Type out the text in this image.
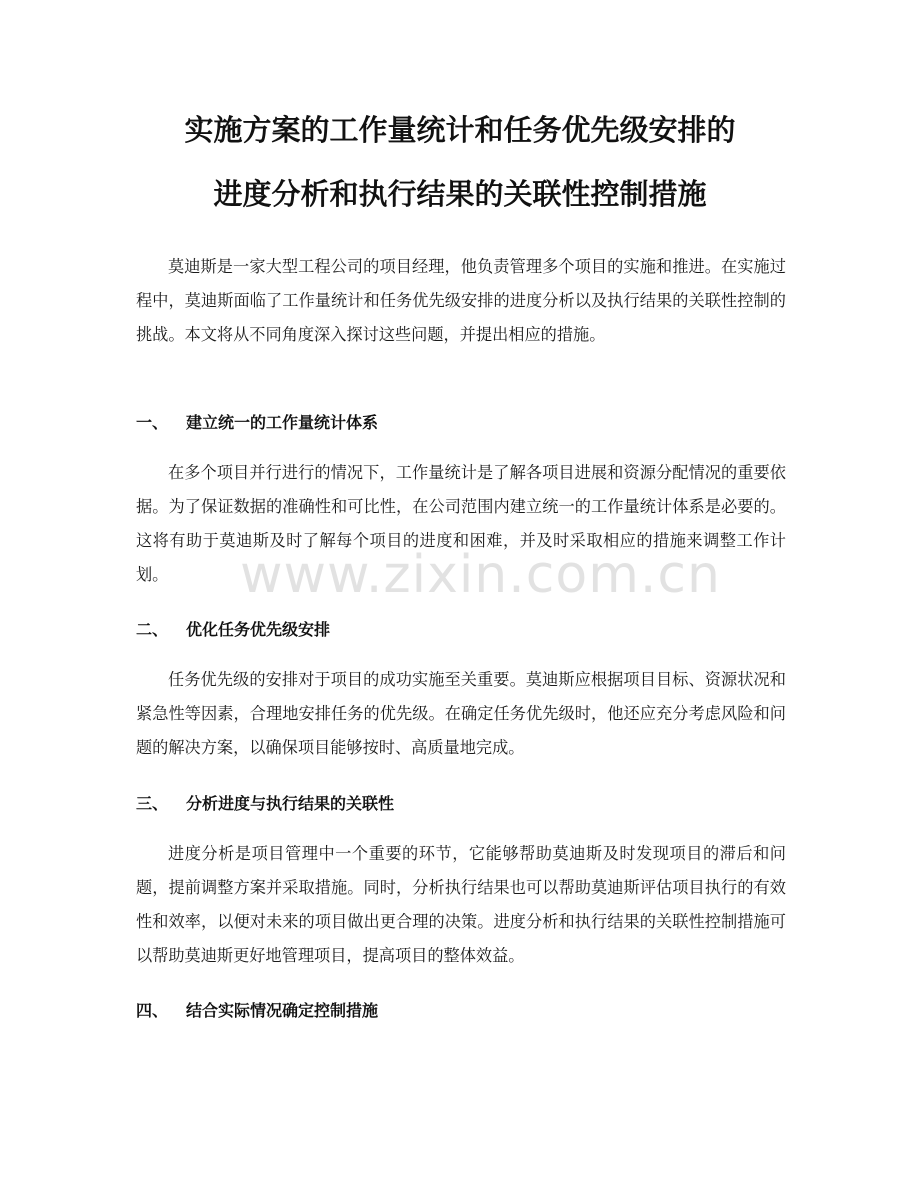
实施方案的工作量统计和任务优先级安排的
进度分析和执行结果的关联性控制措施

莫迪斯是一家大型工程公司的项目经理，他负责管理多个项目的实施和推进。在实施过程中，莫迪斯面临了工作量统计和任务优先级安排的进度分析以及执行结果的关联性控制的挑战。本文将从不同角度深入探讨这些问题，并提出相应的措施。

一、 建立统一的工作量统计体系

在多个项目并行进行的情况下，工作量统计是了解各项目进展和资源分配情况的重要依据。为了保证数据的准确性和可比性，在公司范围内建立统一的工作量统计体系是必要的。这将有助于莫迪斯及时了解每个项目的进度和困难，并及时采取相应的措施来调整工作计划。

二、 优化任务优先级安排

任务优先级的安排对于项目的成功实施至关重要。莫迪斯应根据项目目标、资源状况和紧急性等因素，合理地安排任务的优先级。在确定任务优先级时，他还应充分考虑风险和问题的解决方案，以确保项目能够按时、高质量地完成。

三、 分析进度与执行结果的关联性

进度分析是项目管理中一个重要的环节，它能够帮助莫迪斯及时发现项目的滞后和问题，提前调整方案并采取措施。同时，分析执行结果也可以帮助莫迪斯评估项目执行的有效性和效率，以便对未来的项目做出更合理的决策。进度分析和执行结果的关联性控制措施可以帮助莫迪斯更好地管理项目，提高项目的整体效益。

四、 结合实际情况确定控制措施
www.zixin.com.cn
